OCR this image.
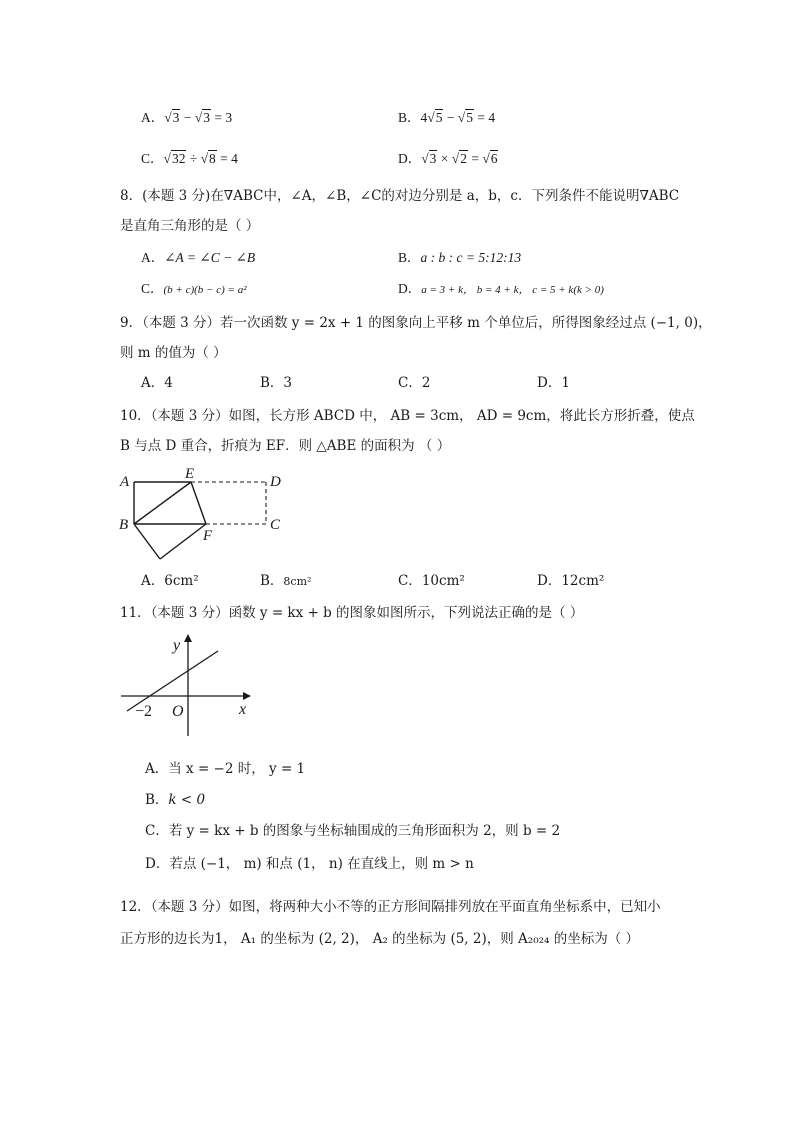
A．√3 − √3 = 3	B．4√5 − √5 = 4
C．√32 ÷ √8 = 4	D．√3 × √2 = √6
8．(本题 3 分)在∇ABC中，∠A，∠B，∠C的对边分别是 a，b，c．下列条件不能说明∇ABC
是直角三角形的是（ ）
A．∠A = ∠C − ∠B	B．a : b : c = 5:12:13
C．(b + c)(b − c) = a²	D．a = 3 + k， b = 4 + k， c = 5 + k(k > 0)
9．（本题 3 分）若一次函数 y = 2x + 1 的图象向上平移 m 个单位后，所得图象经过点 (−1, 0)，
则 m 的值为（ ）
A．4	B．3	C．2	D．1
10．（本题 3 分）如图，长方形 ABCD 中， AB = 3cm， AD = 9cm，将此长方形折叠，使点
B 与点 D 重合，折痕为 EF．则 △ABE 的面积为 （ ）
A	E	D
B
F
C
A．6cm²	B．8cm²	C．10cm²	D．12cm²
11．（本题 3 分）函数 y = kx + b 的图象如图所示，下列说法正确的是（ ）
y
x
O
−2
A．当 x = −2 时， y = 1
B．k < 0
C．若 y = kx + b 的图象与坐标轴围成的三角形面积为 2，则 b = 2
D．若点 (−1， m) 和点 (1， n) 在直线上，则 m > n
12．（本题 3 分）如图，将两种大小不等的正方形间隔排列放在平面直角坐标系中，已知小
正方形的边长为1， A₁ 的坐标为 (2, 2)， A₂ 的坐标为 (5, 2)，则 A₂₀₂₄ 的坐标为（ ）
